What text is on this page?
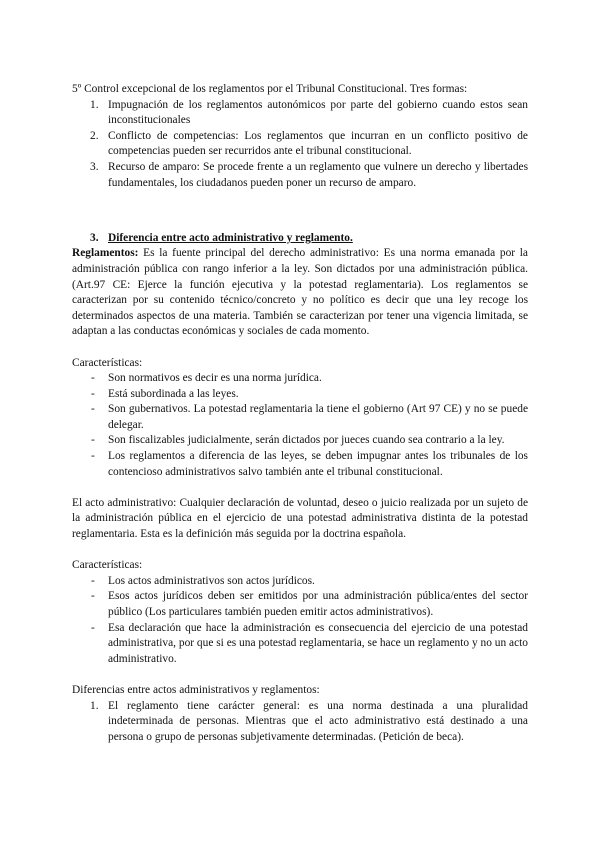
5º Control excepcional de los reglamentos por el Tribunal Constitucional. Tres formas:

1. Impugnación de los reglamentos autonómicos por parte del gobierno cuando estos sean inconstitucionales
2. Conflicto de competencias: Los reglamentos que incurran en un conflicto positivo de competencias pueden ser recurridos ante el tribunal constitucional.
3. Recurso de amparo: Se procede frente a un reglamento que vulnere un derecho y libertades fundamentales, los ciudadanos pueden poner un recurso de amparo.
3. Diferencia entre acto administrativo y reglamento.

Reglamentos: Es la fuente principal del derecho administrativo: Es una norma emanada por la administración pública con rango inferior a la ley. Son dictados por una administración pública. (Art.97 CE: Ejerce la función ejecutiva y la potestad reglamentaria). Los reglamentos se caracterizan por su contenido técnico/concreto y no político es decir que una ley recoge los determinados aspectos de una materia. También se caracterizan por tener una vigencia limitada, se adaptan a las conductas económicas y sociales de cada momento.

Características:

- Son normativos es decir es una norma jurídica.
- Está subordinada a las leyes.
- Son gubernativos. La potestad reglamentaria la tiene el gobierno (Art 97 CE) y no se puede delegar.
- Son fiscalizables judicialmente, serán dictados por jueces cuando sea contrario a la ley.
- Los reglamentos a diferencia de las leyes, se deben impugnar antes los tribunales de los contencioso administrativos salvo también ante el tribunal constitucional.

El acto administrativo: Cualquier declaración de voluntad, deseo o juicio realizada por un sujeto de la administración pública en el ejercicio de una potestad administrativa distinta de la potestad reglamentaria. Esta es la definición más seguida por la doctrina española.

Características:

- Los actos administrativos son actos jurídicos.
- Esos actos jurídicos deben ser emitidos por una administración pública/entes del sector público (Los particulares también pueden emitir actos administrativos).
- Esa declaración que hace la administración es consecuencia del ejercicio de una potestad administrativa, por que si es una potestad reglamentaria, se hace un reglamento y no un acto administrativo.

Diferencias entre actos administrativos y reglamentos:

1. El reglamento tiene carácter general: es una norma destinada a una pluralidad indeterminada de personas. Mientras que el acto administrativo está destinado a una persona o grupo de personas subjetivamente determinadas. (Petición de beca).
